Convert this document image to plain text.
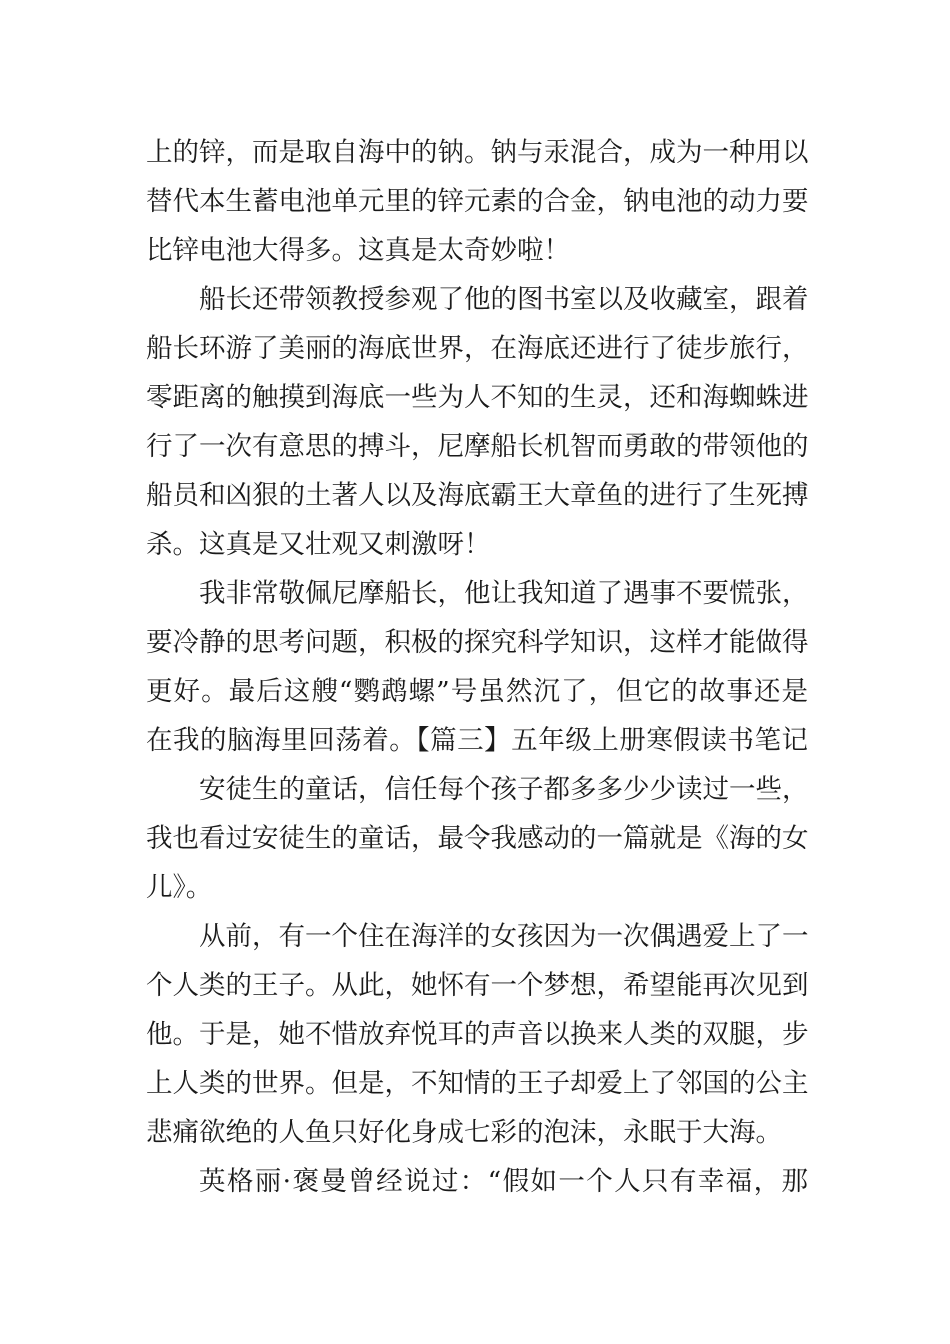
上的锌，而是取自海中的钠。钠与汞混合，成为一种用以
替代本生蓄电池单元里的锌元素的合金，钠电池的动力要
比锌电池大得多。这真是太奇妙啦！
船长还带领教授参观了他的图书室以及收藏室，跟着
船长环游了美丽的海底世界，在海底还进行了徒步旅行，
零距离的触摸到海底一些为人不知的生灵，还和海蜘蛛进
行了一次有意思的搏斗，尼摩船长机智而勇敢的带领他的
船员和凶狠的土著人以及海底霸王大章鱼的进行了生死搏
杀。这真是又壮观又刺激呀！
我非常敬佩尼摩船长，他让我知道了遇事不要慌张，
要冷静的思考问题，积极的探究科学知识，这样才能做得
更好。最后这艘“鹦鹉螺”号虽然沉了，但它的故事还是
在我的脑海里回荡着。【篇三】五年级上册寒假读书笔记
安徒生的童话，信任每个孩子都多多少少读过一些，
我也看过安徒生的童话，最令我感动的一篇就是《海的女
儿》。
从前，有一个住在海洋的女孩因为一次偶遇爱上了一
个人类的王子。从此，她怀有一个梦想，希望能再次见到
他。于是，她不惜放弃悦耳的声音以换来人类的双腿，步
上人类的世界。但是，不知情的王子却爱上了邻国的公主
悲痛欲绝的人鱼只好化身成七彩的泡沫，永眠于大海。
英格丽·褒曼曾经说过：“假如一个人只有幸福，那
